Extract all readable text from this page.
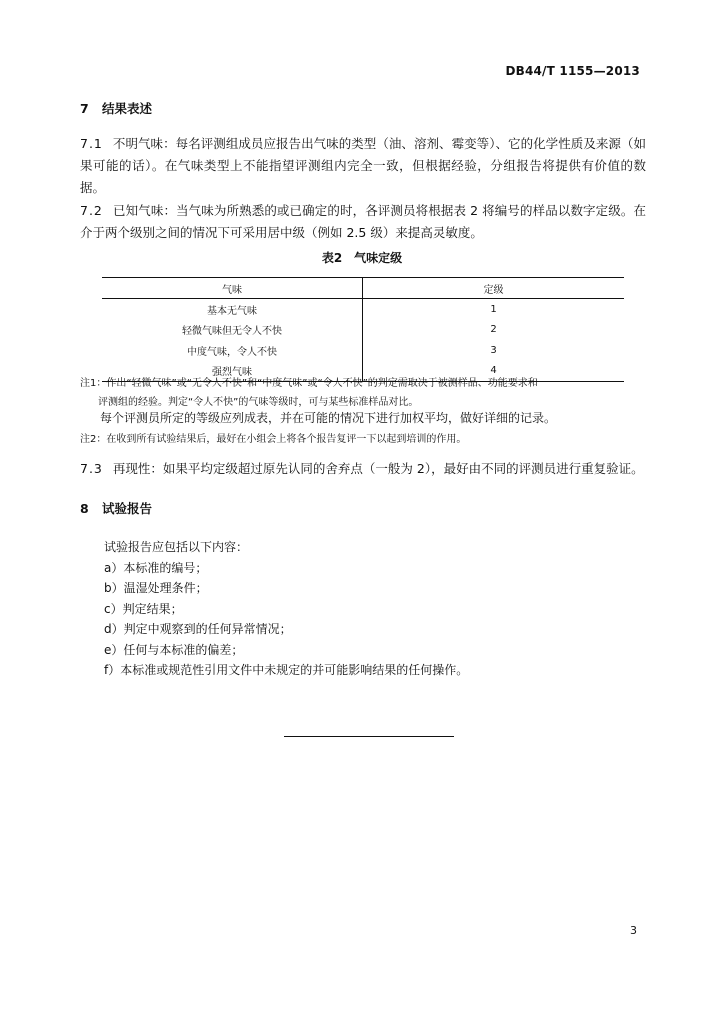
DB44/T 1155—2013
7 结果表述
7.1 不明气味：每名评测组成员应报告出气味的类型（油、溶剂、霉变等）、它的化学性质及来源（如果可能的话）。在气味类型上不能指望评测组内完全一致，但根据经验，分组报告将提供有价值的数据。
7.2 已知气味：当气味为所熟悉的或已确定的时，各评测员将根据表 2 将编号的样品以数字定级。在介于两个级别之间的情况下可采用居中级（例如 2.5 级）来提高灵敏度。
表2　气味定级
气味	定级
基本无气味	1
轻微气味但无令人不快	2
中度气味，令人不快	3
强烈气味	4
注1：作出“轻微气味”或“无令人不快”和“中度气味”或“令人不快”的判定需取决于被测样品、功能要求和
评测组的经验。判定“令人不快”的气味等级时，可与某些标准样品对比。
每个评测员所定的等级应列成表，并在可能的情况下进行加权平均，做好详细的记录。
注2：在收到所有试验结果后，最好在小组会上将各个报告复评一下以起到培训的作用。
7.3 再现性：如果平均定级超过原先认同的舍弃点（一般为 2），最好由不同的评测员进行重复验证。
8 试验报告
试验报告应包括以下内容：
a）本标准的编号；
b）温湿处理条件；
c）判定结果；
d）判定中观察到的任何异常情况；
e）任何与本标准的偏差；
f）本标准或规范性引用文件中未规定的并可能影响结果的任何操作。
3
